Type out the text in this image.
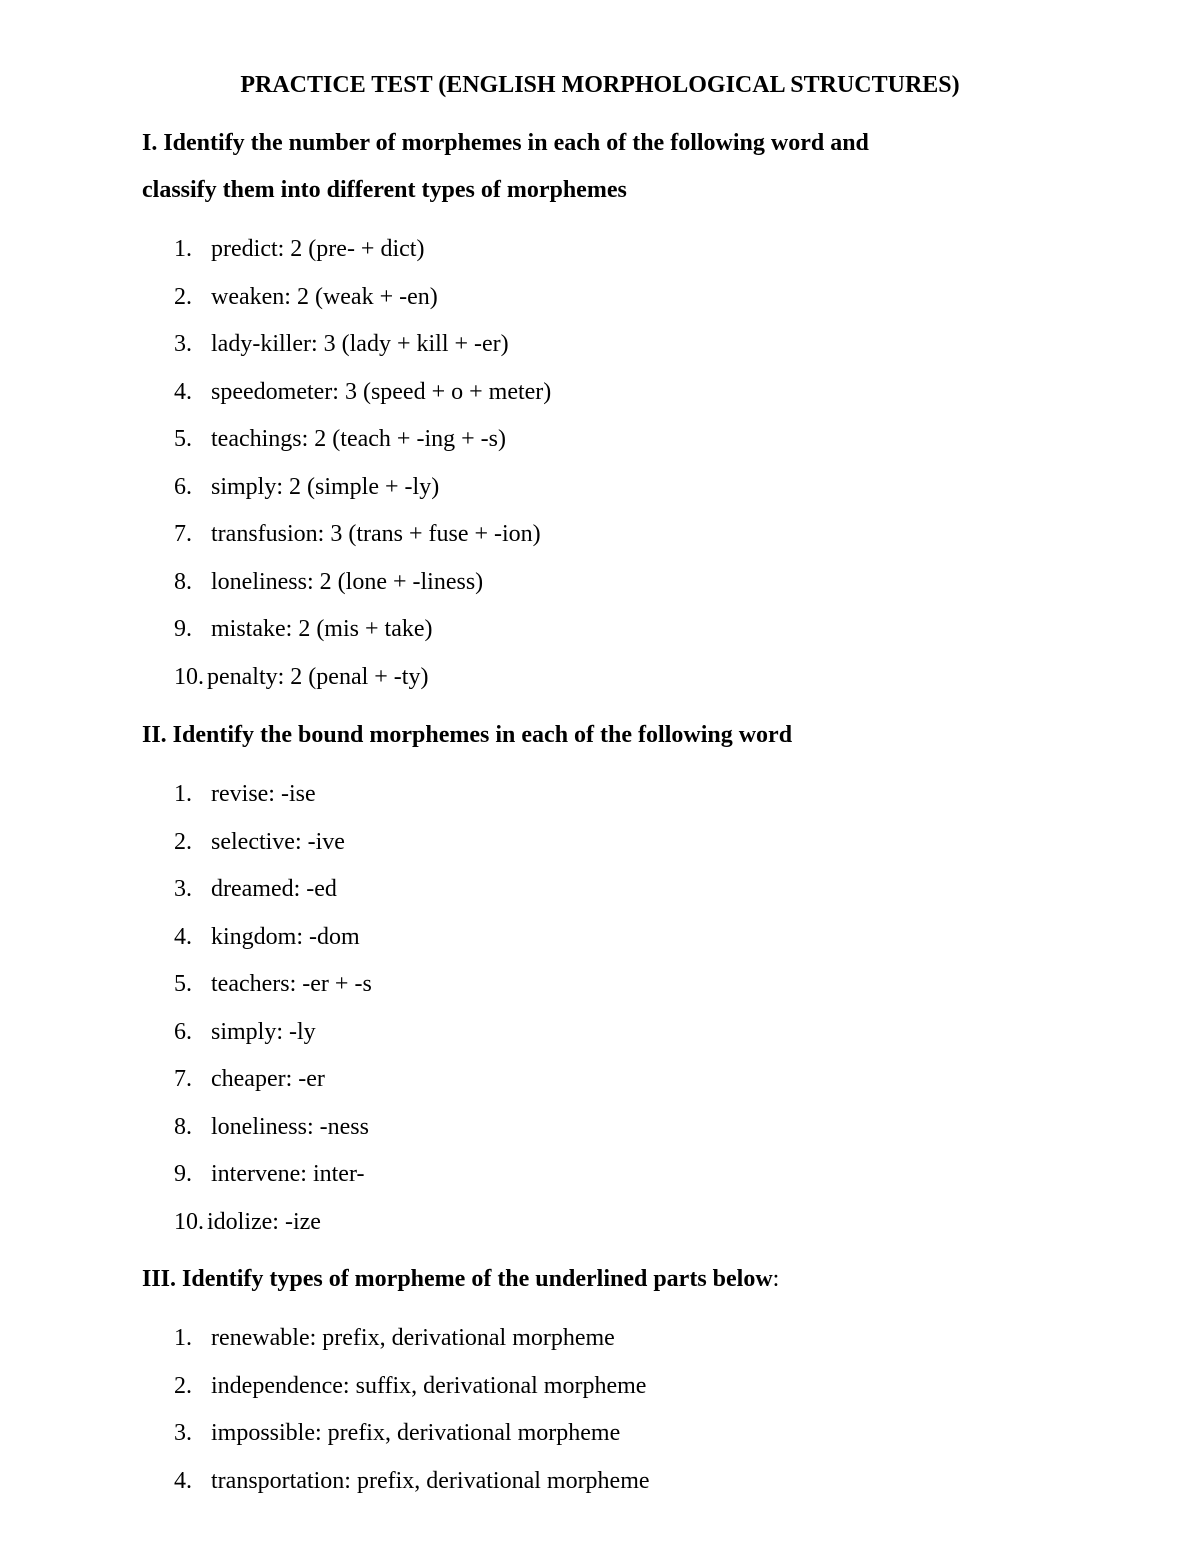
PRACTICE TEST (ENGLISH MORPHOLOGICAL STRUCTURES)
I. Identify the number of morphemes in each of the following word and
classify them into different types of morphemes
1. predict: 2 (pre- + dict)
2. weaken: 2 (weak + -en)
3. lady-killer: 3 (lady + kill + -er)
4. speedometer: 3 (speed + o + meter)
5. teachings: 2 (teach + -ing + -s)
6. simply: 2 (simple + -ly)
7. transfusion: 3 (trans + fuse + -ion)
8. loneliness: 2 (lone + -liness)
9. mistake: 2 (mis + take)
10. penalty: 2 (penal + -ty)
II. Identify the bound morphemes in each of the following word
1. revise: -ise
2. selective: -ive
3. dreamed: -ed
4. kingdom: -dom
5. teachers: -er + -s
6. simply: -ly
7. cheaper: -er
8. loneliness: -ness
9. intervene: inter-
10. idolize: -ize
III. Identify types of morpheme of the underlined parts below:
1. renewable: prefix, derivational morpheme
2. independence: suffix, derivational morpheme
3. impossible: prefix, derivational morpheme
4. transportation: prefix, derivational morpheme
